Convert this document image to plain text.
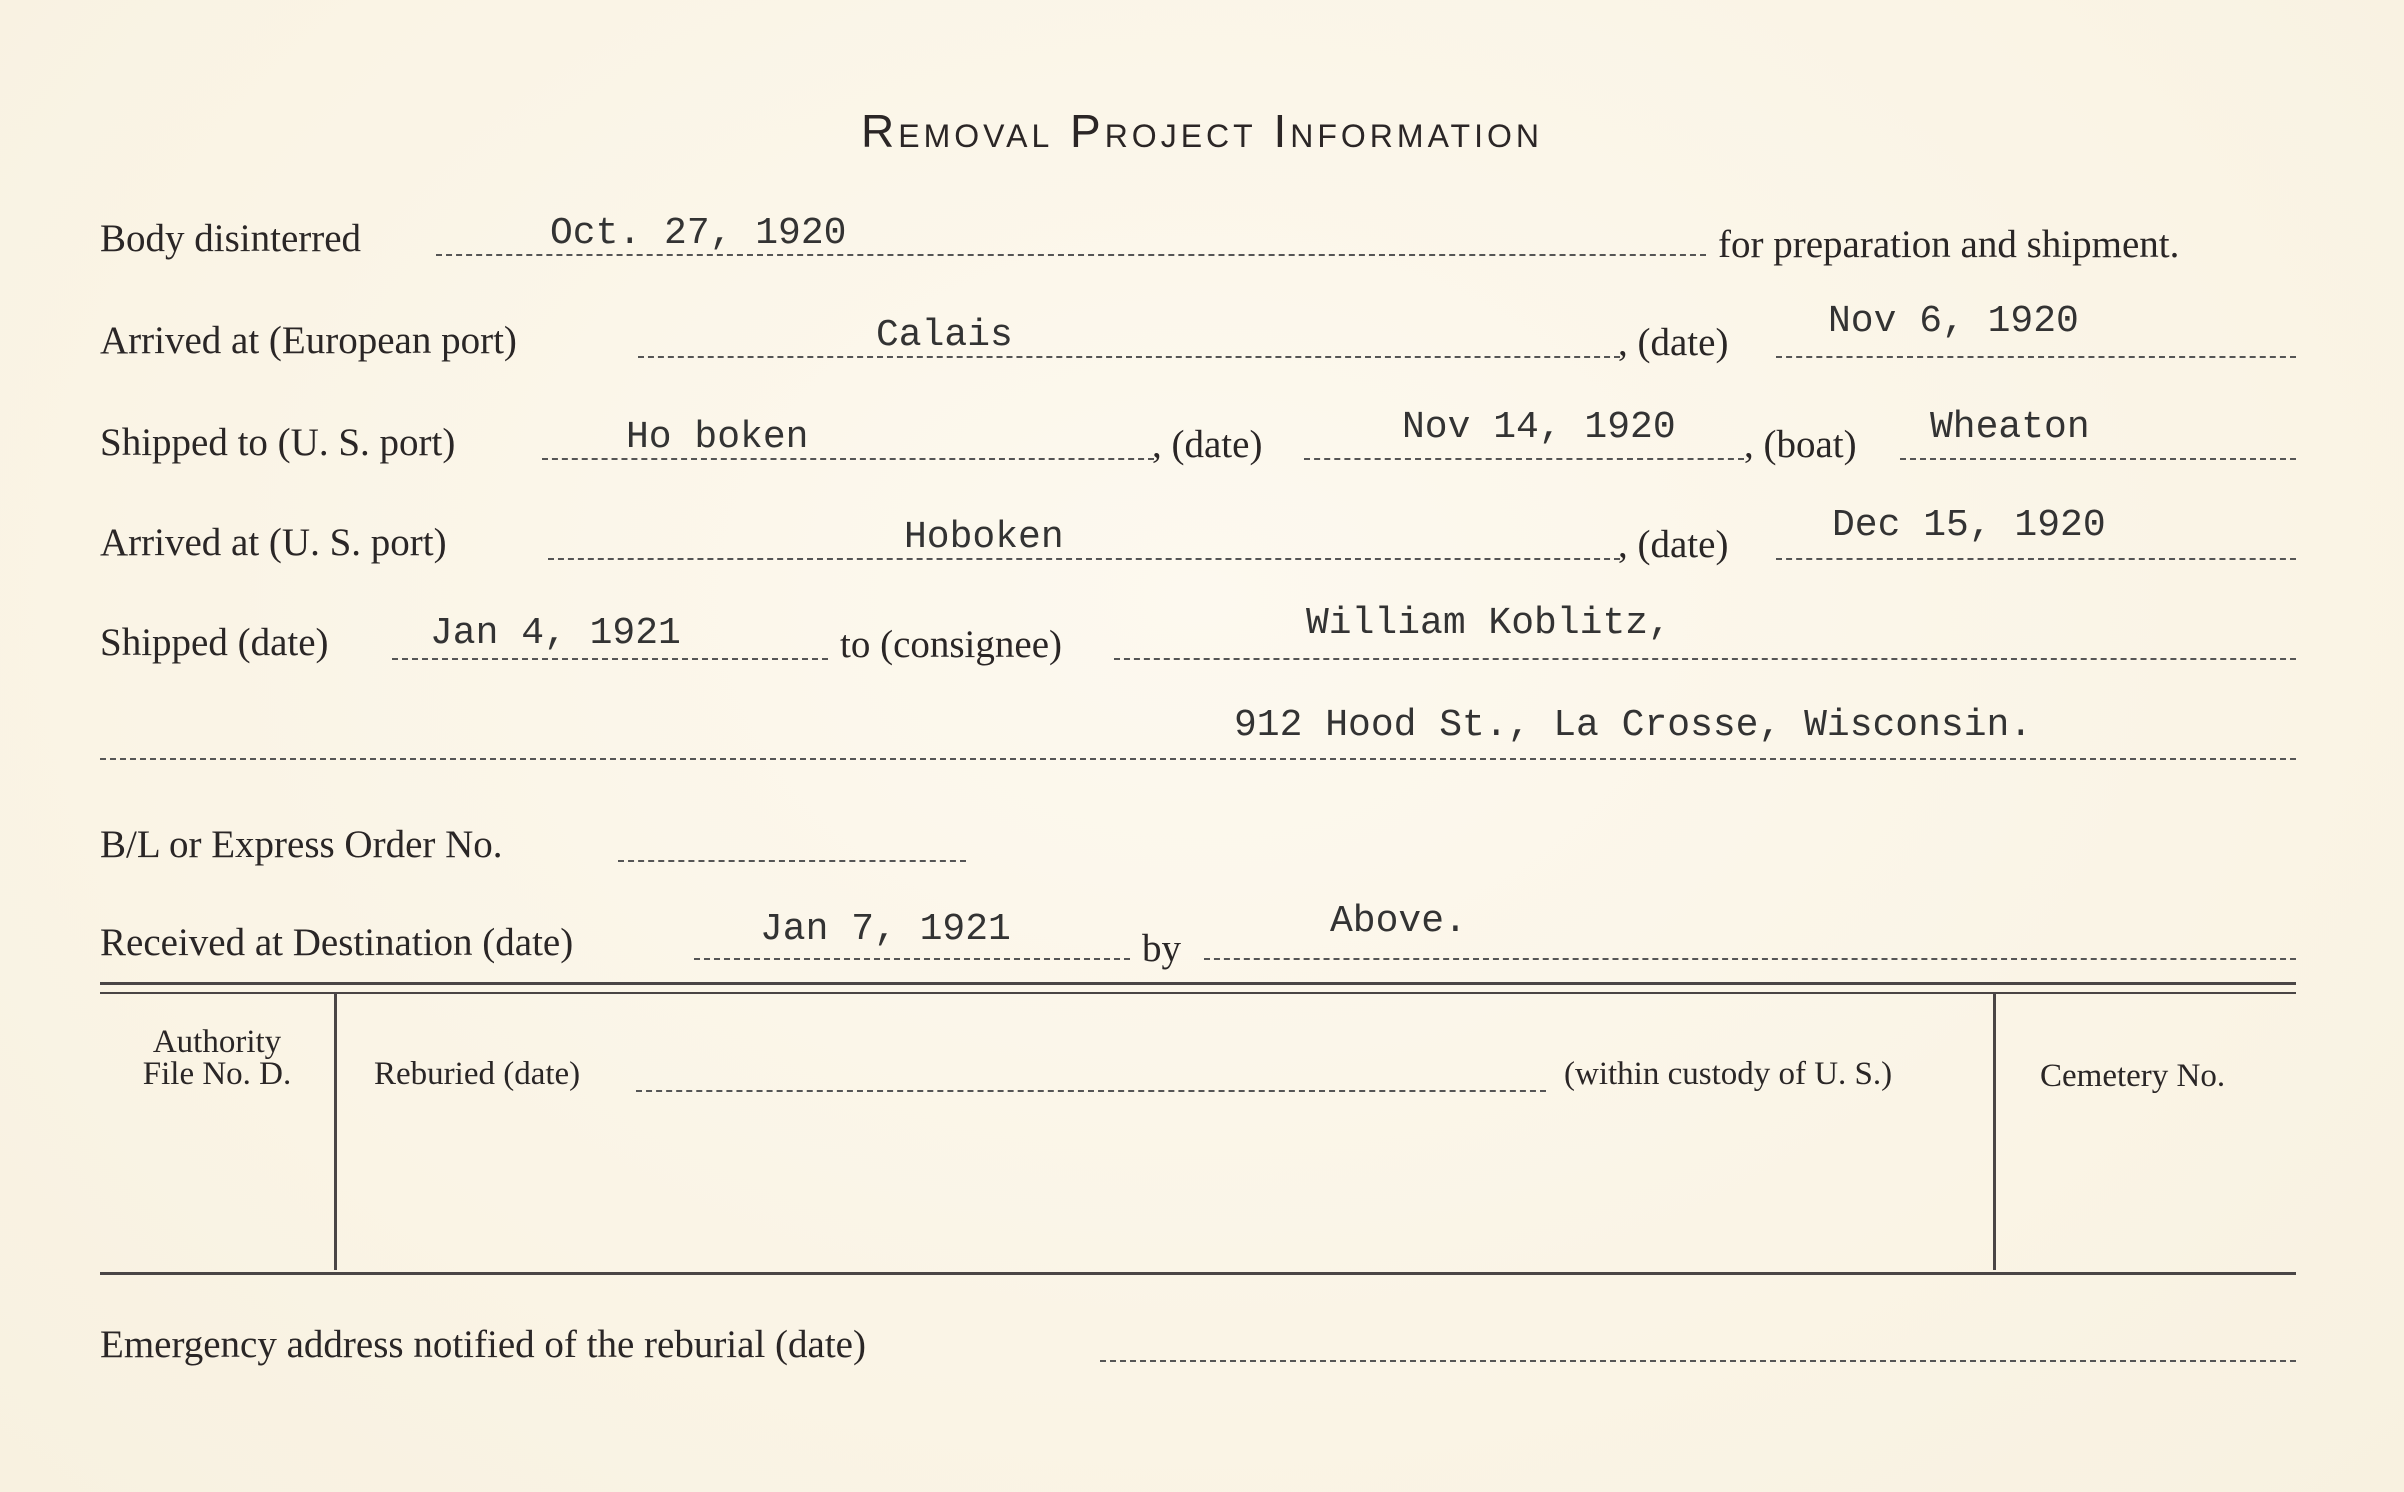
Removal Project Information
Body disinterred	Oct. 27, 1920	for preparation and shipment.
Arrived at (European port)	Calais	, (date)	Nov 6, 1920
Shipped to (U. S. port)	Ho boken	, (date)	Nov 14, 1920 , (boat) Wheaton
Arrived at (U. S. port)	Hoboken	, (date)	Dec 15, 1920
Shipped (date)	Jan 4, 1921	to (consignee)	William Koblitz,
912 Hood St., La Crosse, Wisconsin.
B/L or Express Order No.
Received at Destination (date)	Jan 7, 1921	by
Above.
Authority
File No. D.	Reburied (date)	(within custody of U. S.)	Cemetery No.
Emergency address notified of the reburial (date)
